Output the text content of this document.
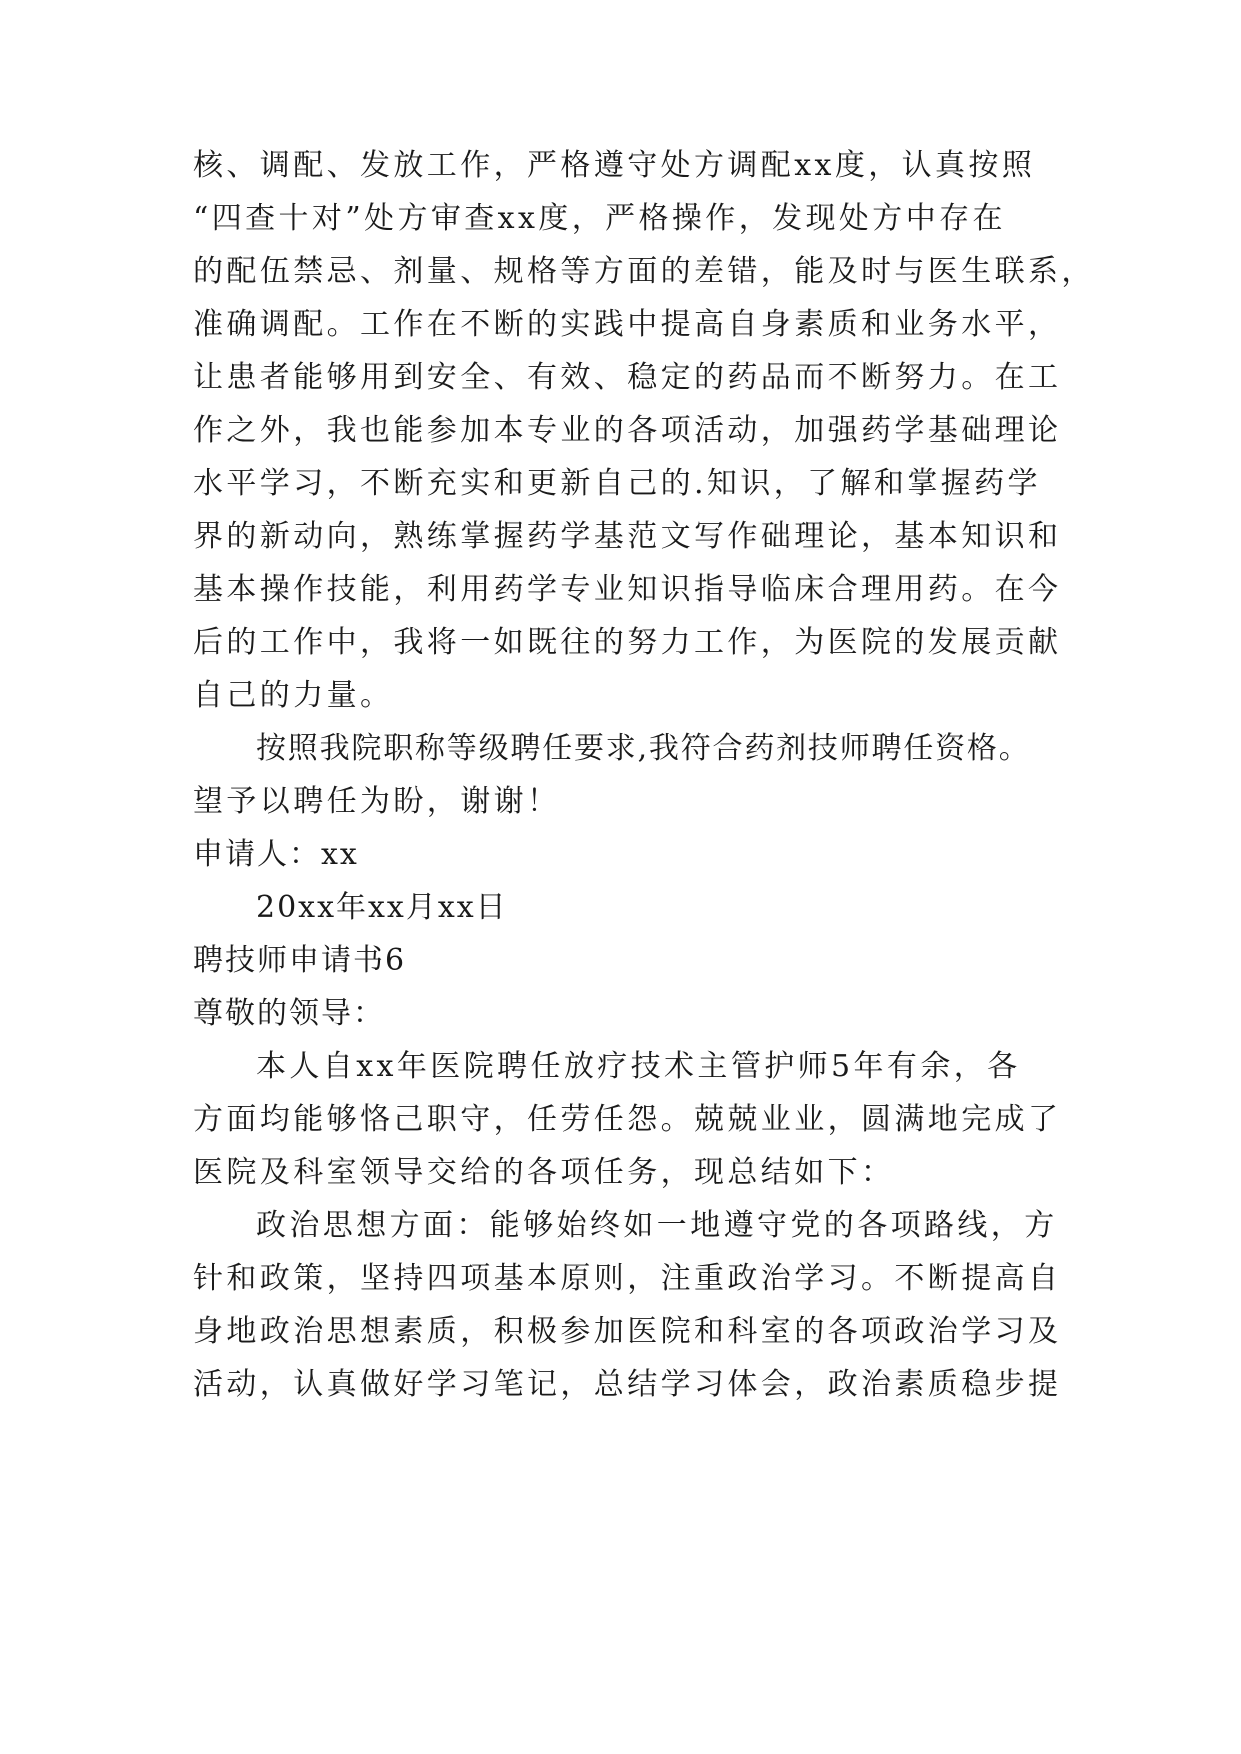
核、调配、发放工作，严格遵守处方调配xx度，认真按照

“四查十对”处方审查xx度，严格操作，发现处方中存在

的配伍禁忌、剂量、规格等方面的差错，能及时与医生联系，

准确调配。工作在不断的实践中提高自身素质和业务水平，

让患者能够用到安全、有效、稳定的药品而不断努力。在工

作之外，我也能参加本专业的各项活动，加强药学基础理论

水平学习，不断充实和更新自己的.知识，了解和掌握药学

界的新动向，熟练掌握药学基范文写作础理论，基本知识和

基本操作技能，利用药学专业知识指导临床合理用药。在今

后的工作中，我将一如既往的努力工作，为医院的发展贡献

自己的力量。

按照我院职称等级聘任要求,我符合药剂技师聘任资格。

望予以聘任为盼，谢谢！

申请人：xx

20xx年xx月xx日

聘技师申请书6

尊敬的领导：

本人自xx年医院聘任放疗技术主管护师5年有余，各

方面均能够恪己职守，任劳任怨。兢兢业业，圆满地完成了

医院及科室领导交给的各项任务，现总结如下：

政治思想方面：能够始终如一地遵守党的各项路线，方

针和政策，坚持四项基本原则，注重政治学习。不断提高自

身地政治思想素质，积极参加医院和科室的各项政治学习及

活动，认真做好学习笔记，总结学习体会，政治素质稳步提
